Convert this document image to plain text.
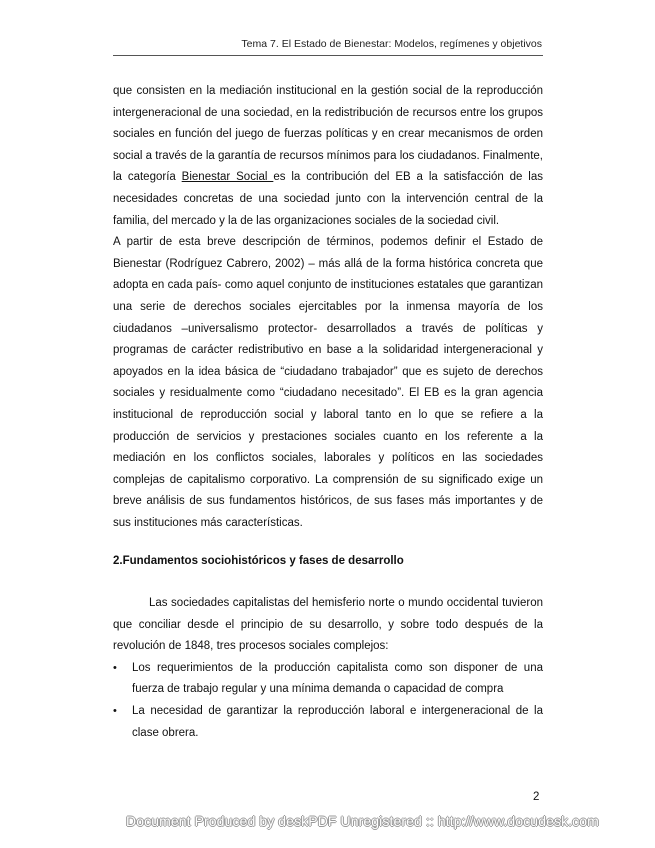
Tema 7. El Estado de Bienestar: Modelos, regímenes y objetivos

que consisten en la mediación institucional en la gestión social de la reproducción intergeneracional de una sociedad, en la redistribución de recursos entre los grupos sociales en función del juego de fuerzas políticas y en crear mecanismos de orden social a través de la garantía de recursos mínimos para los ciudadanos. Finalmente, la categoría Bienestar Social es la contribución del EB a la satisfacción de las necesidades concretas de una sociedad junto con la intervención central de la familia, del mercado y la de las organizaciones sociales de la sociedad civil.

A partir de esta breve descripción de términos, podemos definir el Estado de Bienestar (Rodríguez Cabrero, 2002) – más allá de la forma histórica concreta que adopta en cada país- como aquel conjunto de instituciones estatales que garantizan una serie de derechos sociales ejercitables por la inmensa mayoría de los ciudadanos –universalismo protector- desarrollados a través de políticas y programas de carácter redistributivo en base a la solidaridad intergeneracional y apoyados en la idea básica de “ciudadano trabajador” que es sujeto de derechos sociales y residualmente como “ciudadano necesitado”. El EB es la gran agencia institucional de reproducción social y laboral tanto en lo que se refiere a la producción de servicios y prestaciones sociales cuanto en los referente a la mediación en los conflictos sociales, laborales y políticos en las sociedades complejas de capitalismo corporativo. La comprensión de su significado exige un breve análisis de sus fundamentos históricos, de sus fases más importantes y de sus instituciones más características.

2.Fundamentos sociohistóricos y fases de desarrollo

Las sociedades capitalistas del hemisferio norte o mundo occidental tuvieron que conciliar desde el principio de su desarrollo, y sobre todo después de la revolución de 1848, tres procesos sociales complejos:

• Los requerimientos de la producción capitalista como son disponer de una fuerza de trabajo regular y una mínima demanda o capacidad de compra
• La necesidad de garantizar la reproducción laboral e intergeneracional de la clase obrera.
2
Document Produced by deskPDF Unregistered :: http://www.docudesk.com
